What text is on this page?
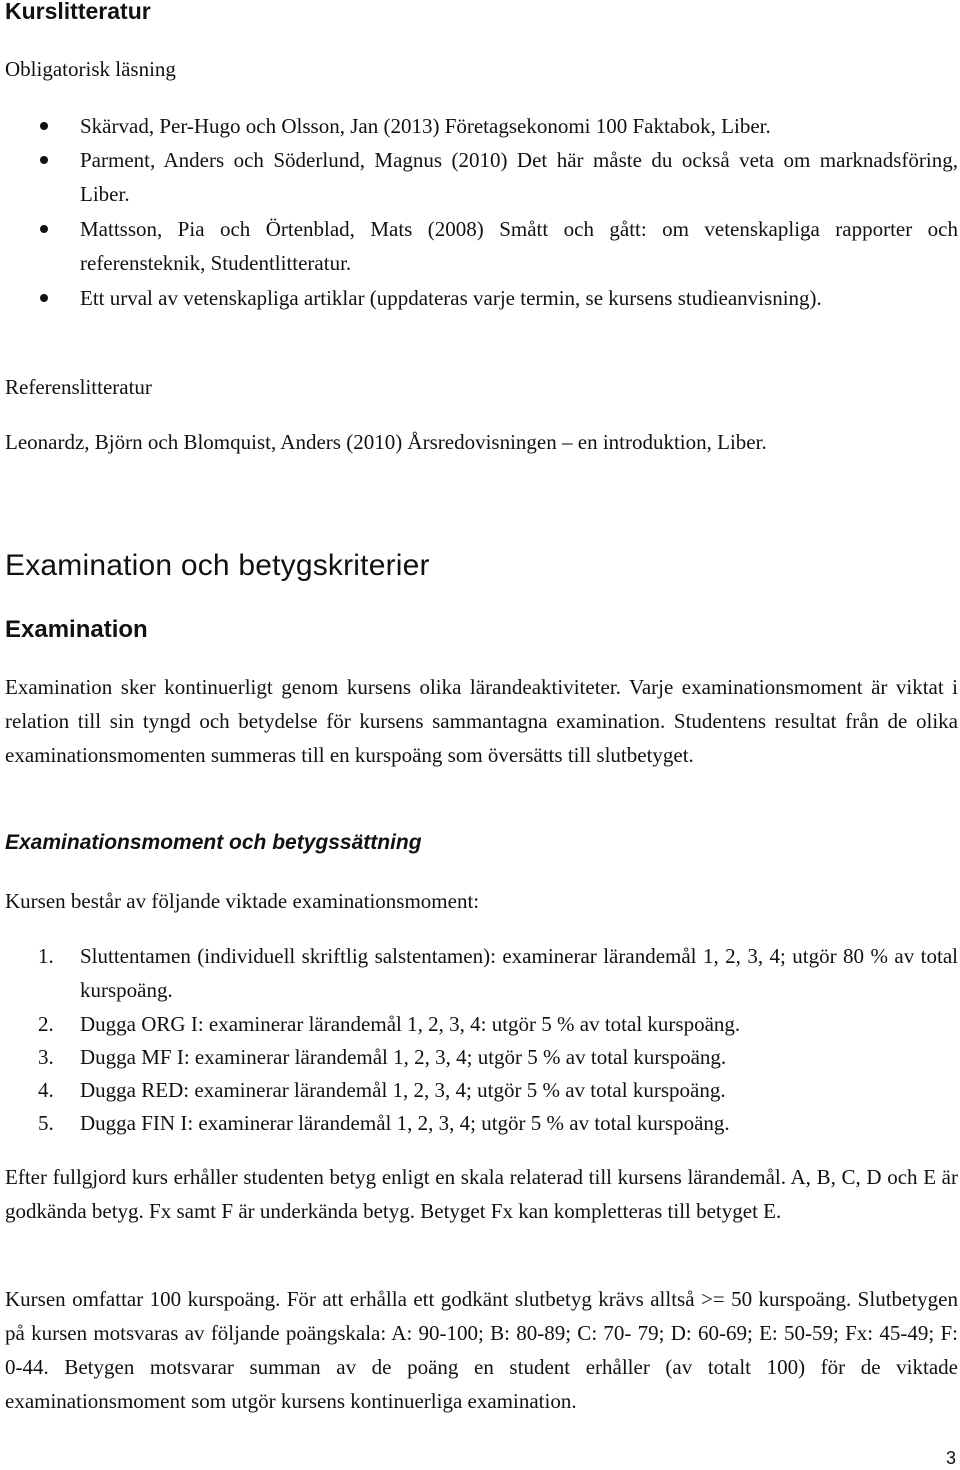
Kurslitteratur
Obligatorisk läsning
Skärvad, Per-Hugo och Olsson, Jan (2013) Företagsekonomi 100 Faktabok, Liber.
Parment, Anders och Söderlund, Magnus (2010) Det här måste du också veta om marknadsföring, Liber.
Mattsson, Pia och Örtenblad, Mats (2008) Smått och gått: om vetenskapliga rapporter och referensteknik, Studentlitteratur.
Ett urval av vetenskapliga artiklar (uppdateras varje termin, se kursens studieanvisning).
Referenslitteratur
Leonardz, Björn och Blomquist, Anders (2010) Årsredovisningen – en introduktion, Liber.
Examination och betygskriterier
Examination
Examination sker kontinuerligt genom kursens olika lärandeaktiviteter. Varje examinationsmoment är viktat i relation till sin tyngd och betydelse för kursens sammantagna examination. Studentens resultat från de olika examinationsmomenten summeras till en kurspoäng som översätts till slutbetyget.
Examinationsmoment och betygssättning
Kursen består av följande viktade examinationsmoment:
1. Sluttentamen (individuell skriftlig salstentamen): examinerar lärandemål 1, 2, 3, 4; utgör 80 % av total kurspoäng.
2. Dugga ORG I: examinerar lärandemål 1, 2, 3, 4: utgör 5 % av total kurspoäng.
3. Dugga MF I: examinerar lärandemål 1, 2, 3, 4; utgör 5 % av total kurspoäng.
4. Dugga RED: examinerar lärandemål 1, 2, 3, 4; utgör 5 % av total kurspoäng.
5. Dugga FIN I: examinerar lärandemål 1, 2, 3, 4; utgör 5 % av total kurspoäng.
Efter fullgjord kurs erhåller studenten betyg enligt en skala relaterad till kursens lärandemål. A, B, C, D och E är godkända betyg. Fx samt F är underkända betyg. Betyget Fx kan kompletteras till betyget E.
Kursen omfattar 100 kurspoäng. För att erhålla ett godkänt slutbetyg krävs alltså >= 50 kurspoäng. Slutbetygen på kursen motsvaras av följande poängskala: A: 90-100; B: 80-89; C: 70- 79; D: 60-69; E: 50-59; Fx: 45-49; F: 0-44. Betygen motsvarar summan av de poäng en student erhåller (av totalt 100) för de viktade examinationsmoment som utgör kursens kontinuerliga examination.
3
